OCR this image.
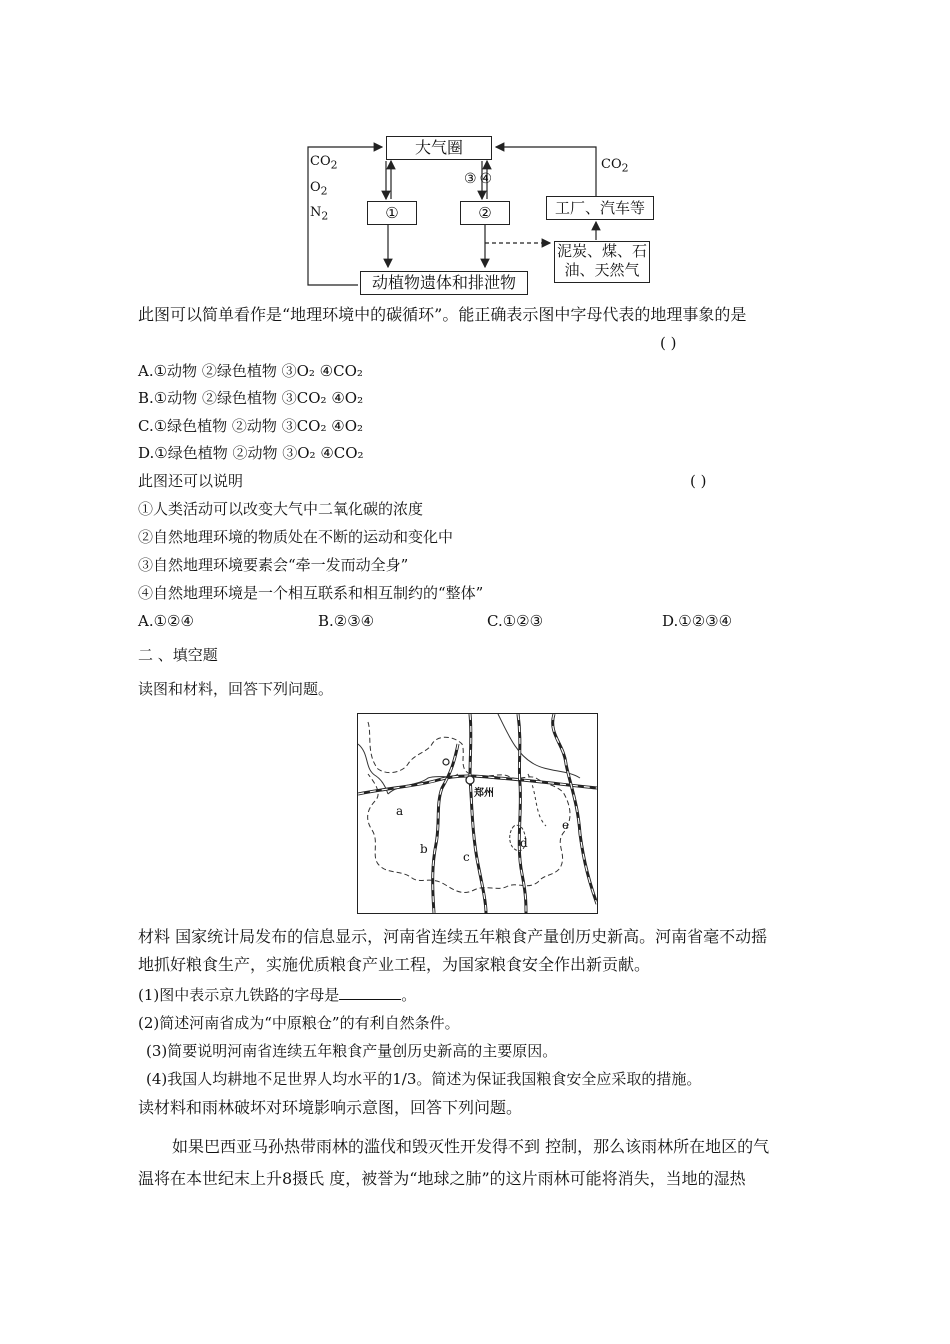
大气圈
①	②	工厂、汽车等
泥炭、煤、石
油、天然气
动植物遗体和排泄物
$CO_2$
$O_2$
$N_2$
$CO_2$
③④
此图可以简单看作是“地理环境中的碳循环”。能正确表示图中字母代表的地理事象的是
( )
A.①动物 ②绿色植物 ③O₂ ④CO₂
B.①动物 ②绿色植物 ③CO₂ ④O₂
C.①绿色植物 ②动物 ③CO₂ ④O₂
D.①绿色植物 ②动物 ③O₂ ④CO₂
此图还可以说明	( )
①人类活动可以改变大气中二氧化碳的浓度
②自然地理环境的物质处在不断的运动和变化中
③自然地理环境要素会“牵一发而动全身”
④自然地理环境是一个相互联系和相互制约的“整体”
A.①②④	B.②③④	C.①②③	D.①②③④
二 、填空题
读图和材料，回答下列问题。
郑州
a
b
c
d
e
材料 国家统计局发布的信息显示，河南省连续五年粮食产量创历史新高。河南省毫不动摇
地抓好粮食生产，实施优质粮食产业工程，为国家粮食安全作出新贡献。
(1)图中表示京九铁路的字母是	。
(2)简述河南省成为“中原粮仓”的有利自然条件。
(3)简要说明河南省连续五年粮食产量创历史新高的主要原因。
(4)我国人均耕地不足世界人均水平的1/3。简述为保证我国粮食安全应采取的措施。
读材料和雨林破坏对环境影响示意图，回答下列问题。
如果巴西亚马孙热带雨林的滥伐和毁灭性开发得不到 控制，那么该雨林所在地区的气
温将在本世纪末上升8摄氏 度，被誉为“地球之肺”的这片雨林可能将消失，当地的湿热
